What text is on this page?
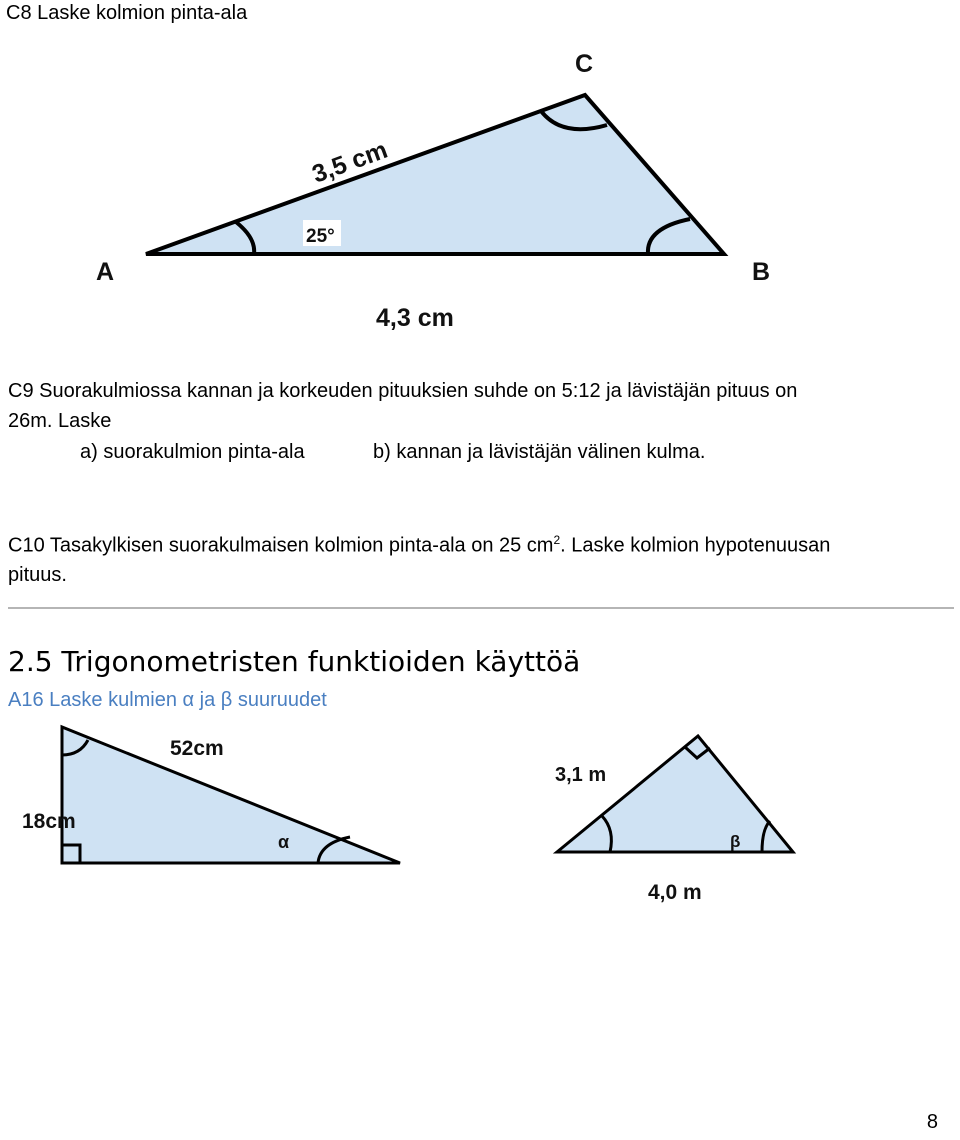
C8 Laske kolmion pinta-ala
A	B
C
3,5 cm
25°
4,3 cm
C9 Suorakulmiossa kannan ja korkeuden pituuksien suhde on 5:12 ja lävistäjän pituus on
26m. Laske
a) suorakulmion pinta-ala	b) kannan ja lävistäjän välinen kulma.
C10 Tasakylkisen suorakulmaisen kolmion pinta-ala on 25 $cm^2$. Laske kolmion hypotenuusan
pituus.
2.5 Trigonometristen funktioiden käyttöä
A16 Laske kulmien α ja β suuruudet
52cm
18cm
α
3,1 m
β
4,0 m
8
